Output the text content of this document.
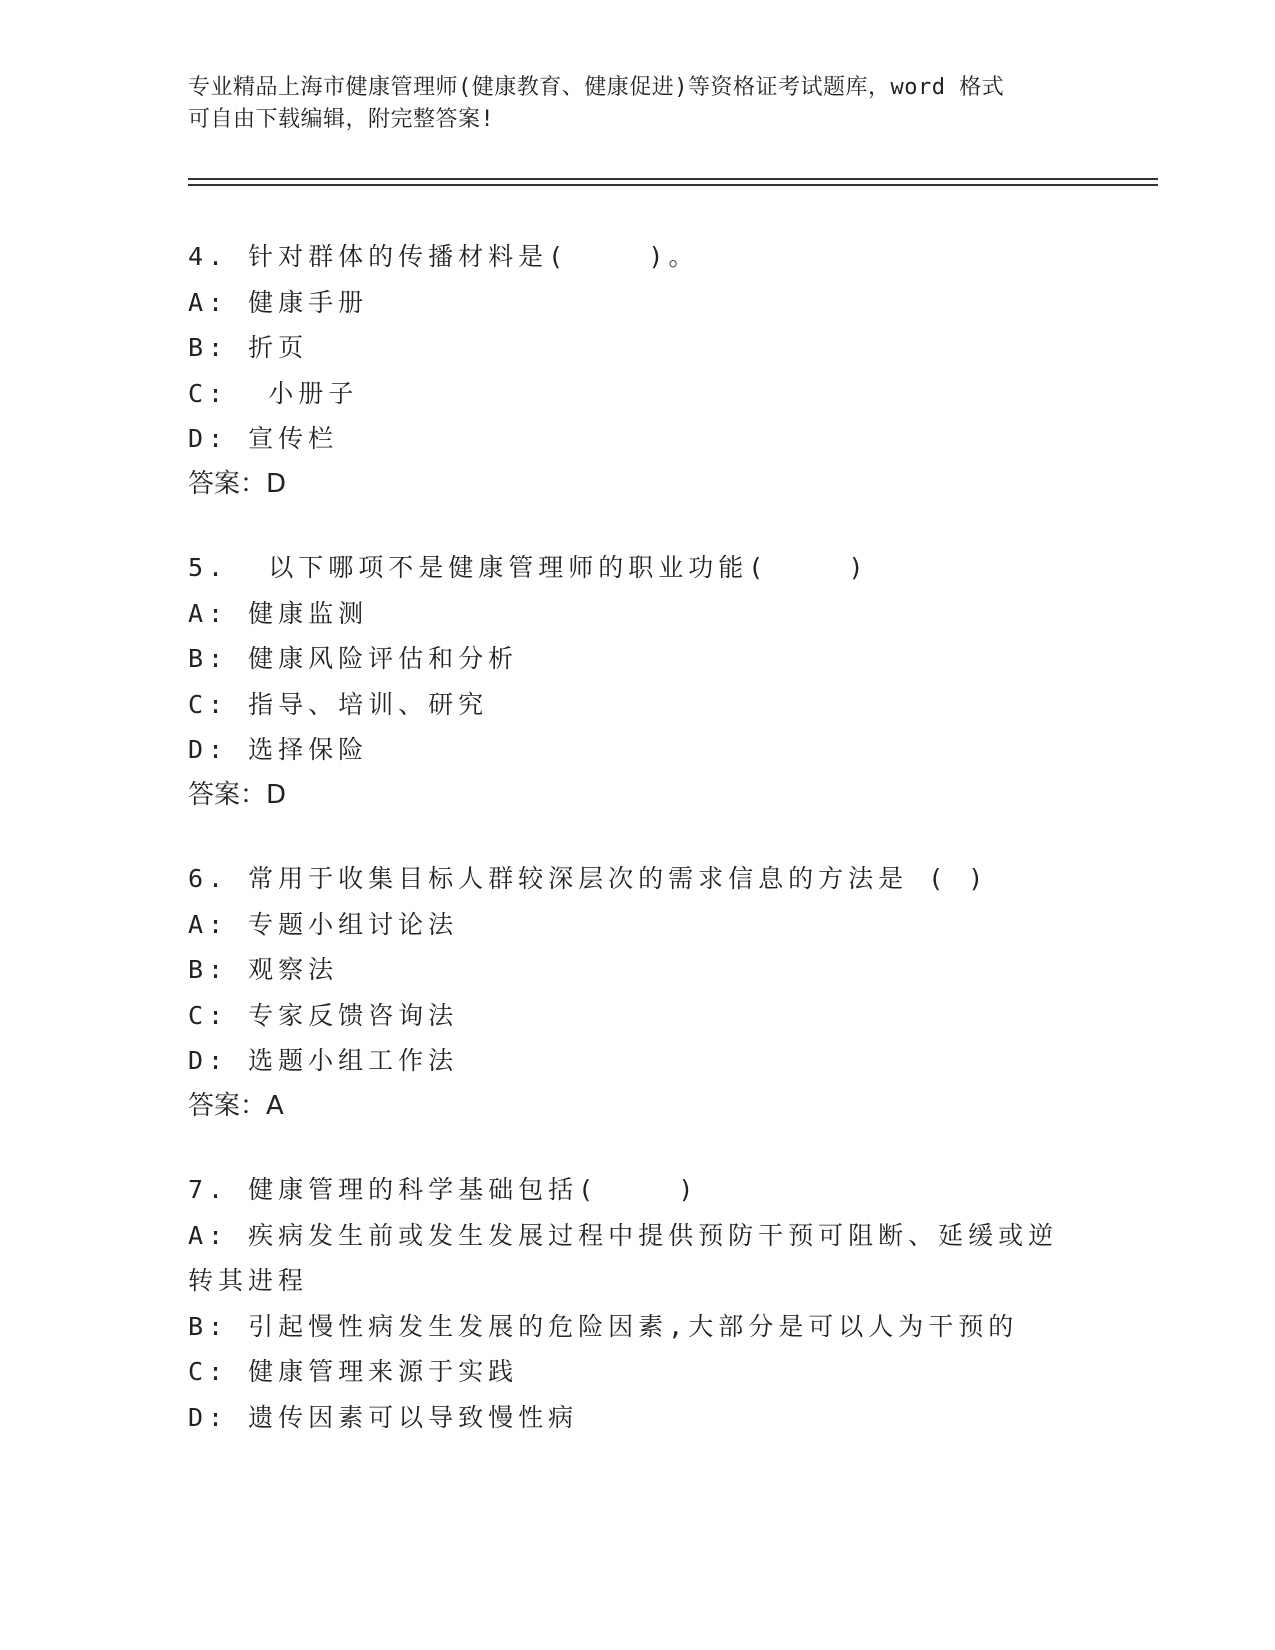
专业精品上海市健康管理师(健康教育、健康促进)等资格证考试题库，word 格式
可自由下载编辑，附完整答案!
4. 针对群体的传播材料是(    )。
A: 健康手册
B: 折页
C:  小册子
D: 宣传栏
答案：D
5.  以下哪项不是健康管理师的职业功能(    )
A: 健康监测
B: 健康风险评估和分析
C: 指导、培训、研究
D: 选择保险
答案：D
6. 常用于收集目标人群较深层次的需求信息的方法是 ( )
A: 专题小组讨论法
B: 观察法
C: 专家反馈咨询法
D: 选题小组工作法
答案：A
7. 健康管理的科学基础包括(    )
A: 疾病发生前或发生发展过程中提供预防干预可阻断、延缓或逆转其进程
B: 引起慢性病发生发展的危险因素,大部分是可以人为干预的
C: 健康管理来源于实践
D: 遗传因素可以导致慢性病
